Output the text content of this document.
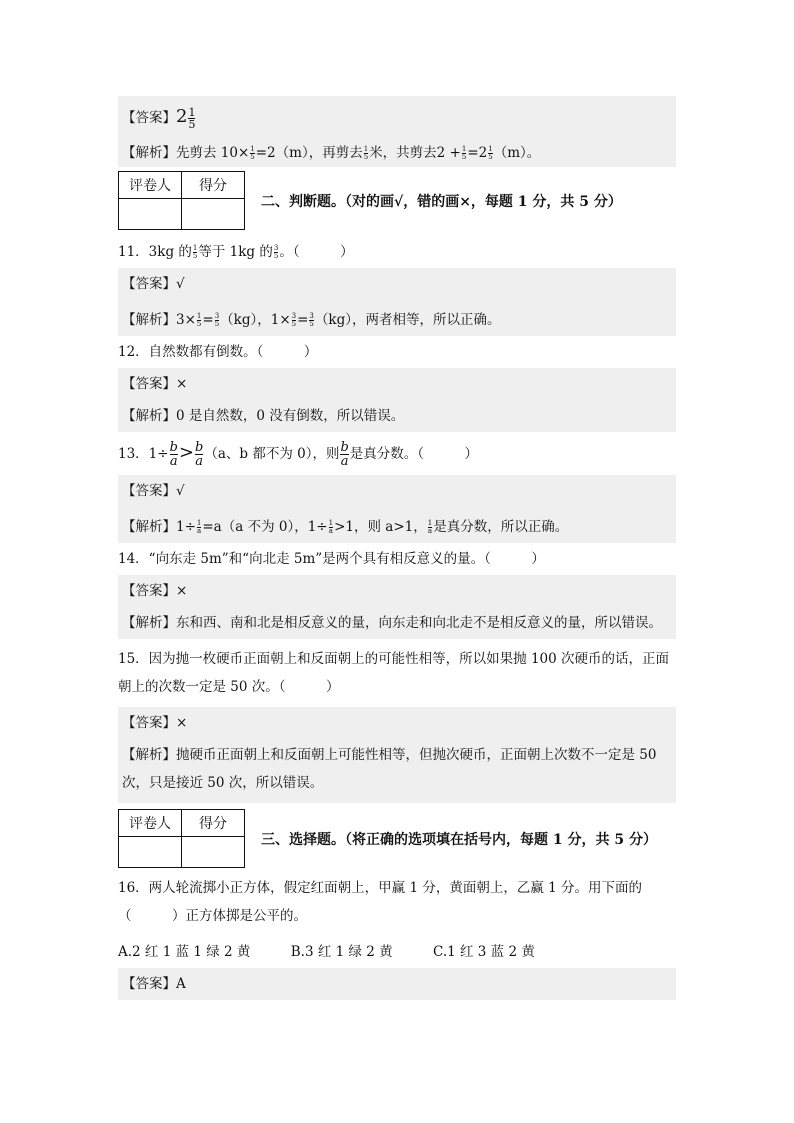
【答案】$2 \frac{1}{5}$
【解析】先剪去 $10\times \frac{1}{5} =2(m)$，再剪去 $\frac{1}{5}$ 米，共剪去$2 + \frac{1}{5} =2 \frac{1}{5} (m)$。
评卷人	得分

二、判断题。（对的画√，错的画×，每题 1 分，共 5 分）
11．3kg 的 $\frac{1}{5}$ 等于 1kg 的 $\frac{3}{5}$ 。（　　　）
【答案】√
【解析】$3\times \frac{1}{5} = \frac{3}{5} (kg)$，$1\times \frac{3}{5} = \frac{3}{5} (kg)$，两者相等，所以正确。
12．自然数都有倒数。（　　　）
【答案】×
【解析】0 是自然数，0 没有倒数，所以错误。
13．$1\div \frac{b}{a} > \frac{b}{a} (a$、b 都不为 0），则 $\frac{b}{a}$ 是真分数。（　　　）
【答案】√
【解析】$1\div \frac{1}{a} =a(a$ 不为 0），$1\div \frac{1}{a} >1$，则 a>1， $\frac{1}{a}$ 是真分数，所以正确。
14．“向东走 5m”和“向北走 5m”是两个具有相反意义的量。（　　　）
【答案】×
【解析】东和西、南和北是相反意义的量，向东走和向北走不是相反意义的量，所以错误。
15．因为抛一枚硬币正面朝上和反面朝上的可能性相等，所以如果抛 100 次硬币的话，正面朝上的次数一定是 50 次。（　　　）
【答案】×
【解析】抛硬币正面朝上和反面朝上可能性相等，但抛次硬币，正面朝上次数不一定是 50 次，只是接近 50 次，所以错误。
评卷人	得分

三、选择题。（将正确的选项填在括号内，每题 1 分，共 5 分）
16．两人轮流掷小正方体，假定红面朝上，甲赢 1 分，黄面朝上，乙赢 1 分。用下面的（　　　）正方体掷是公平的。
A.2 红 1 蓝 1 绿 2 黄	B.3 红 1 绿 2 黄	C.1 红 3 蓝 2 黄
【答案】A
